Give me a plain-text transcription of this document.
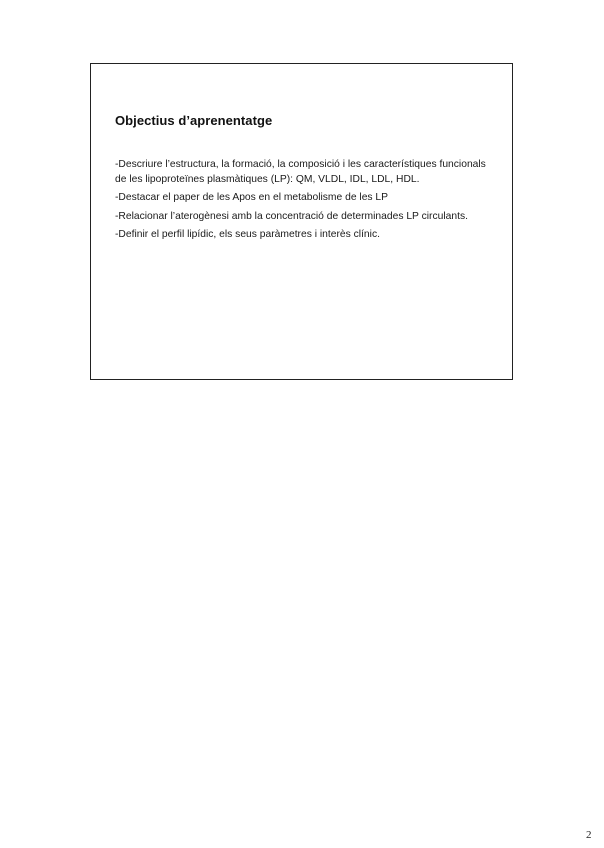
Objectius d’aprenentatge
-Descriure l’estructura, la formació, la composició i les característiques funcionals de les lipoproteïnes plasmàtiques (LP): QM, VLDL, IDL, LDL, HDL.
-Destacar el paper de les Apos en el metabolisme de les LP
-Relacionar l’aterogènesi amb la concentració de determinades LP circulants.
-Definir el perfil lipídic, els seus paràmetres i interès clínic.
2
